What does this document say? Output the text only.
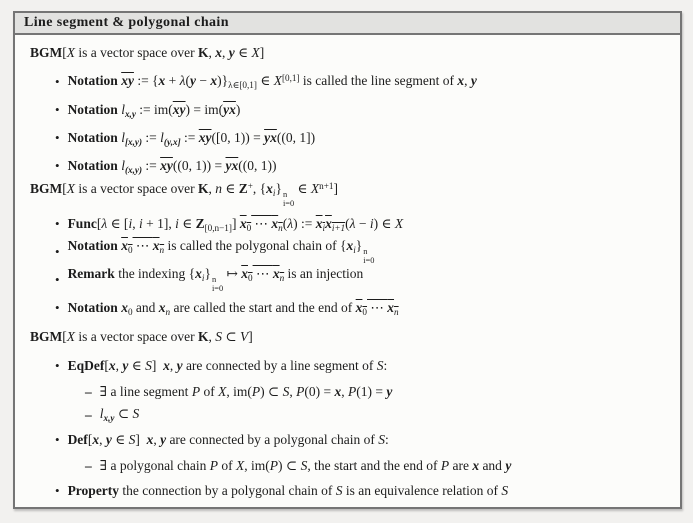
Line segment & polygonal chain
BGM[X is a vector space over K, x, y ∈ X]
• Notation $\overline{xy}$ := $\{x + \lambda(y - x)\}_{\lambda\in[0,1]}$ ∈ X[0,1] is called the line segment of x, y
• Notation $l_{x,y}$ := $im(\overline{xy}) = im(\overline{yx})$
• Notation $l_{[x,y)}$ := $l_{(y,x]}$ := $\overline{xy}([0$, $1)) = \overline{yx}((0$, 1])
• Notation $l_{(x,y)}$ := $\overline{xy}((0$, $1)) = \overline{yx}((0$, 1))
BGM[X is a vector space over K, n ∈ Z+, $\{x_i\}$ n
i=0
∈ $X^{n+1}$]
• Func[λ ∈ [i, i + 1], i ∈ $Z_{[0,n-1]}$] $x_0$ ⋯ $x_n(\lambda)$ := $x_ix_{i+1}(\lambda - i)$ ∈ X
• Notation $x_0$ ⋯ $x_n$ is called the polygonal chain of $\{x_i\}$ n
i=0
• Remark the indexing $\{x_i\}$ n
i=0
↦ $x_0$ ⋯ $x_n$ is an injection
• Notation $x_0$ and $x_n$ are called the start and the end of $x_0$ ⋯ $x_n$
BGM[X is a vector space over K, S ⊂ V]
• EqDef[x, y ∈ S] x, y are connected by a line segment of S:
– ∃ a line segment P of X, im(P) ⊂ S, P(0) = x, P(1) = y
– $l_{x,y}$ ⊂ S
• Def[x, y ∈ S] x, y are connected by a polygonal chain of S:
– ∃ a polygonal chain P of X, im(P) ⊂ S, the start and the end of P are x and y
• Property the connection by a polygonal chain of S is an equivalence relation of S
